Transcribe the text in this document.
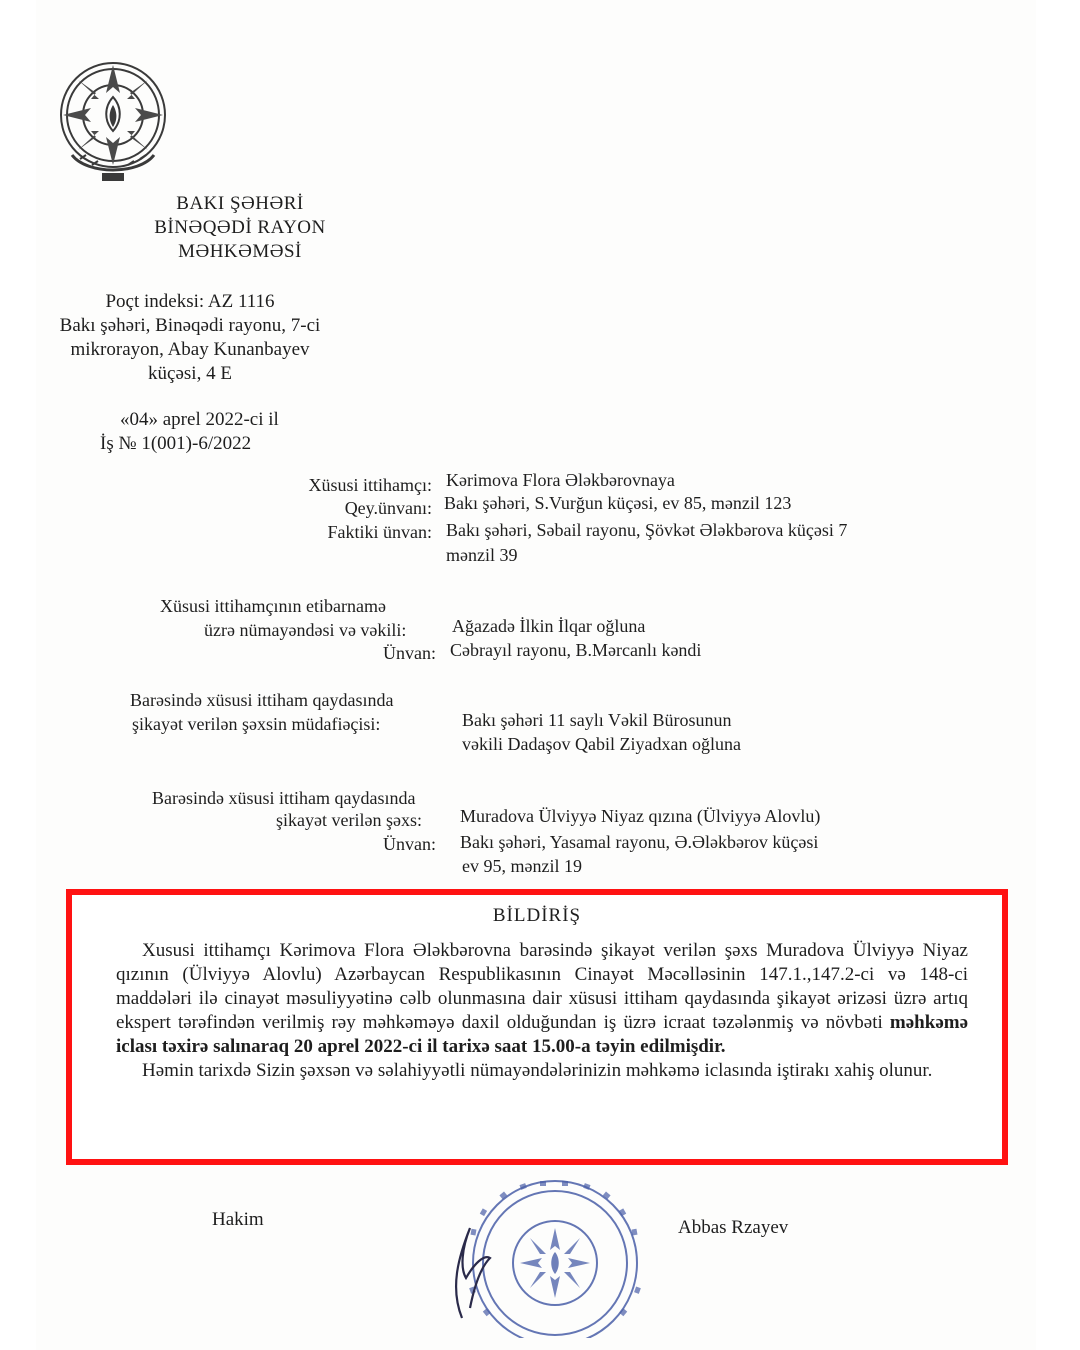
BAKI ŞƏHƏRİ
BİNƏQƏDİ RAYON
MƏHKƏMƏSİ
Poçt indeksi: AZ 1116
Bakı şəhəri, Binəqədi rayonu, 7-ci
mikrorayon, Abay Kunanbayev
küçəsi, 4 E
«04» aprel 2022-ci il
İş № 1(001)-6/2022
Xüsusi ittihamçı: Kərimova Flora Ələkbərovnaya
Qey.ünvanı: Bakı şəhəri, S.Vurğun küçəsi, ev 85, mənzil 123
Faktiki ünvan: Bakı şəhəri, Səbail rayonu, Şövkət Ələkbərova küçəsi 7
mənzil 39
Xüsusi ittihamçının etibarnamə
üzrə nümayəndəsi və vəkili:	Ağazadə İlkin İlqar oğluna
Ünvan: Cəbrayıl rayonu, B.Mərcanlı kəndi
Barəsində xüsusi ittiham qaydasında
şikayət verilən şəxsin müdafiəçisi:	Bakı şəhəri 11 saylı Vəkil Bürosunun
vəkili Dadaşov Qabil Ziyadxan oğluna
Barəsində xüsusi ittiham qaydasında
şikayət verilən şəxs: Muradova Ülviyyə Niyaz qızına (Ülviyyə Alovlu)
Ünvan: Bakı şəhəri, Yasamal rayonu, Ə.Ələkbərov küçəsi
ev 95, mənzil 19
BİLDİRİŞ

Xususi ittihamçı Kərimova Flora Ələkbərovna barəsində şikayət verilən şəxs Muradova Ülviyyə Niyaz qızının (Ülviyyə Alovlu) Azərbaycan Respublikasının Cinayət Məcəlləsinin 147.1.,147.2-ci və 148-ci maddələri ilə cinayət məsuliyyətinə cəlb olunmasına dair xüsusi ittiham qaydasında şikayət ərizəsi üzrə artıq ekspert tərəfindən verilmiş rəy məhkəməyə daxil olduğundan iş üzrə icraat təzələnmiş və növbəti məhkəmə iclası təxirə salınaraq 20 aprel 2022-ci il tarixə saat 15.00-a təyin edilmişdir.

Həmin tarixdə Sizin şəxsən və səlahiyyətli nümayəndələrinizin məhkəmə iclasında iştirakı xahiş olunur.

Hakim	Abbas Rzayev
